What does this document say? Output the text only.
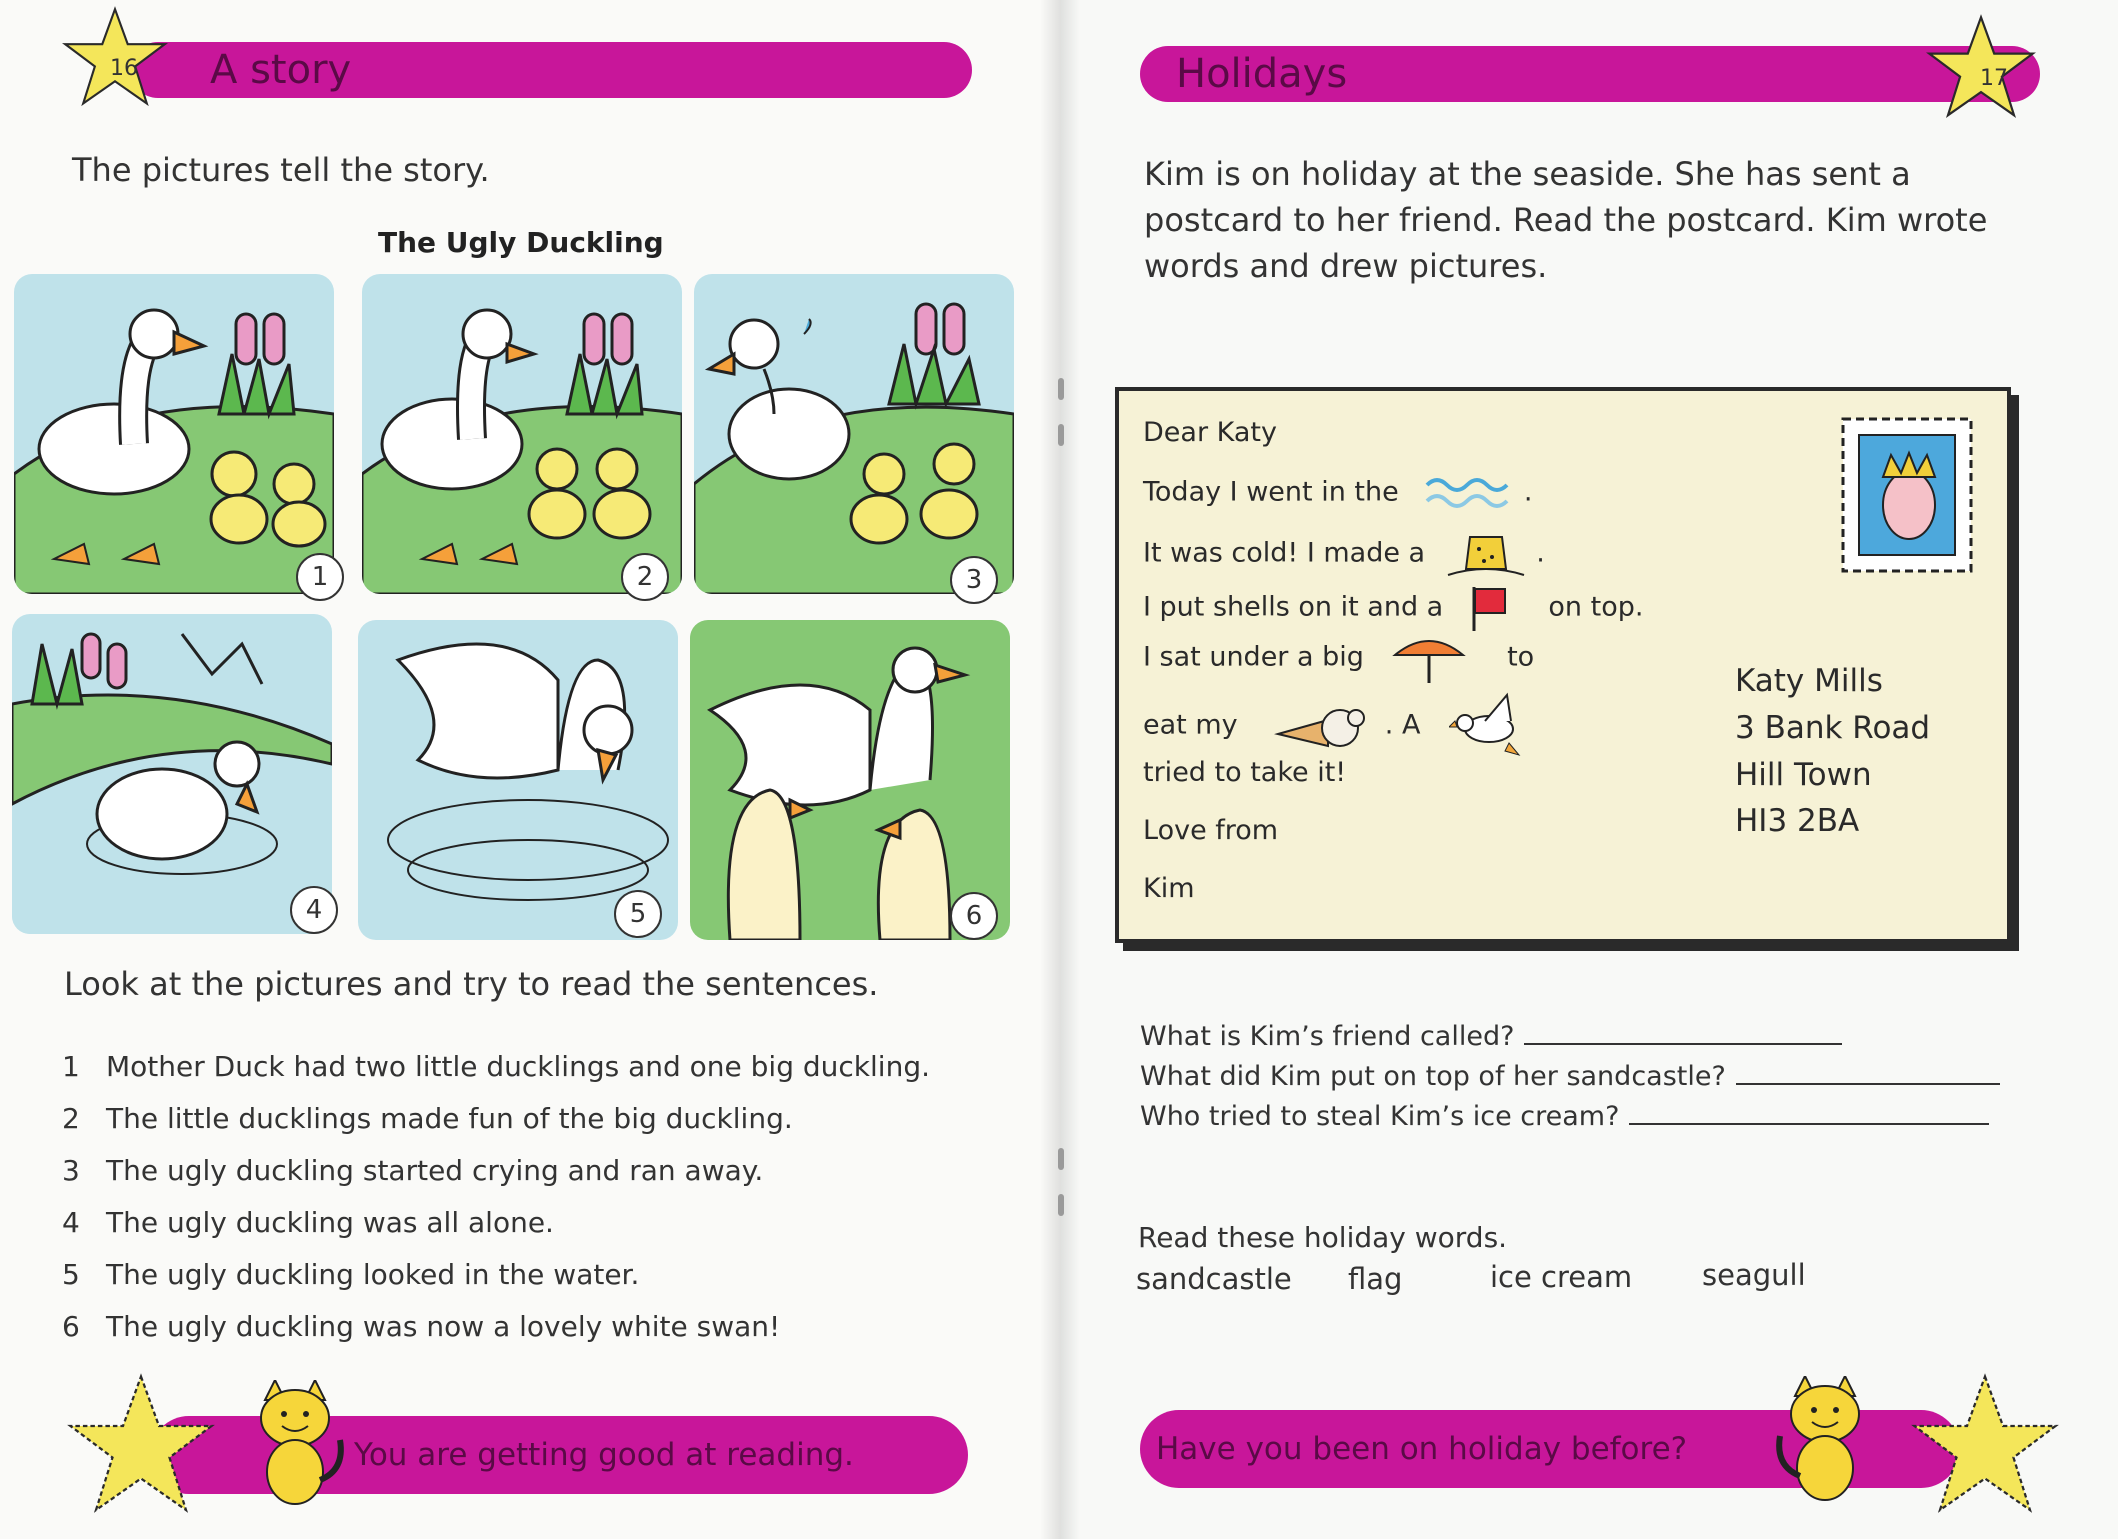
A story
16
The pictures tell the story.
The Ugly Duckling
1	2	3
4	5	6
Look at the pictures and try to read the sentences.
1 Mother Duck had two little ducklings and one big duckling.
2 The little ducklings made fun of the big duckling.
3 The ugly duckling started crying and ran away.
4 The ugly duckling was all alone.
5 The ugly duckling looked in the water.
6 The ugly duckling was now a lovely white swan!
You are getting good at reading.
Holidays	17
Kim is on holiday at the seaside. She has sent a
postcard to her friend. Read the postcard. Kim wrote
words and drew pictures.
What is Kim’s friend called?
What did Kim put on top of her sandcastle?
Who tried to steal Kim’s ice cream?
Read these holiday words.
sandcastle flag	ice cream seagull
Have you been on holiday before?
Dear Katy
Today I went in the	.
It was cold! I made a	.
I put shells on it and a	on top.
I sat under a big	to
eat my	. A
tried to take it!
Love from
Kim
Katy Mills
3 Bank Road
Hill Town
HI3 2BA
